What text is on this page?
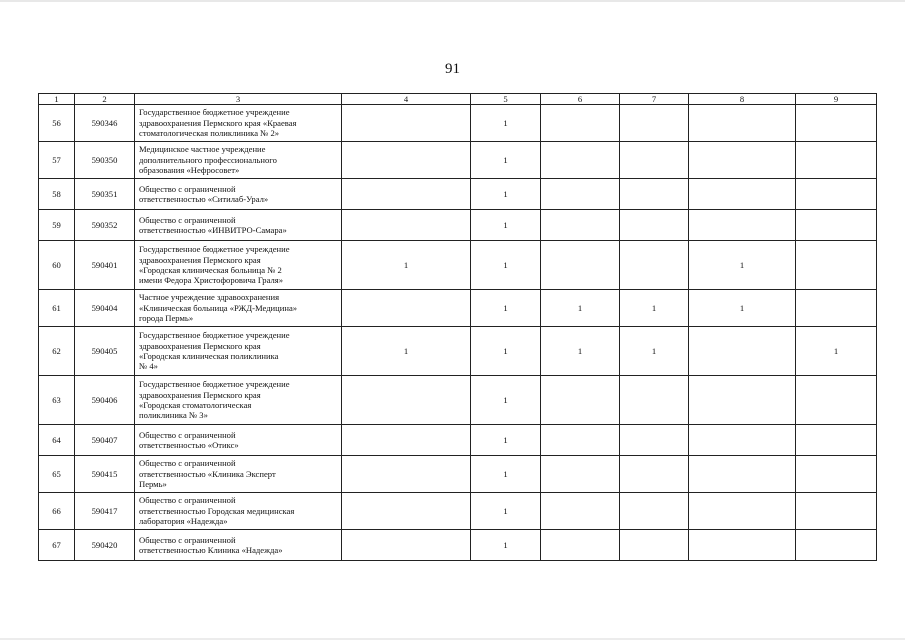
91
1	2	3	4	5	6	7	8	9
56	590346	Государственное бюджетное учреждение
здравоохранения Пермского края «Краевая
стоматологическая поликлиника № 2»		1				
57	590350	Медицинское частное учреждение
дополнительного профессионального
образования «Нефросовет»		1				
58	590351	Общество с ограниченной
ответственностью «Ситилаб-Урал»		1				
59	590352	Общество с ограниченной
ответственностью «ИНВИТРО-Самара»		1				
60	590401	Государственное бюджетное учреждение
здравоохранения Пермского края
«Городская клиническая больница № 2
имени Федора Христофоровича Граля»	1	1			1	
61	590404	Частное учреждение здравоохранения
«Клиническая больница «РЖД-Медицина»
города Пермь»		1	1	1	1	
62	590405	Государственное бюджетное учреждение
здравоохранения Пермского края
«Городская клиническая поликлиника
№ 4»	1	1	1	1		1
63	590406	Государственное бюджетное учреждение
здравоохранения Пермского края
«Городская стоматологическая
поликлиника № 3»		1				
64	590407	Общество с ограниченной
ответственностью «Отикс»		1				
65	590415	Общество с ограниченной
ответственностью «Клиника Эксперт
Пермь»		1				
66	590417	Общество с ограниченной
ответственностью Городская медицинская
лаборатория «Надежда»		1				
67	590420	Общество с ограниченной
ответственностью Клиника «Надежда»		1				
